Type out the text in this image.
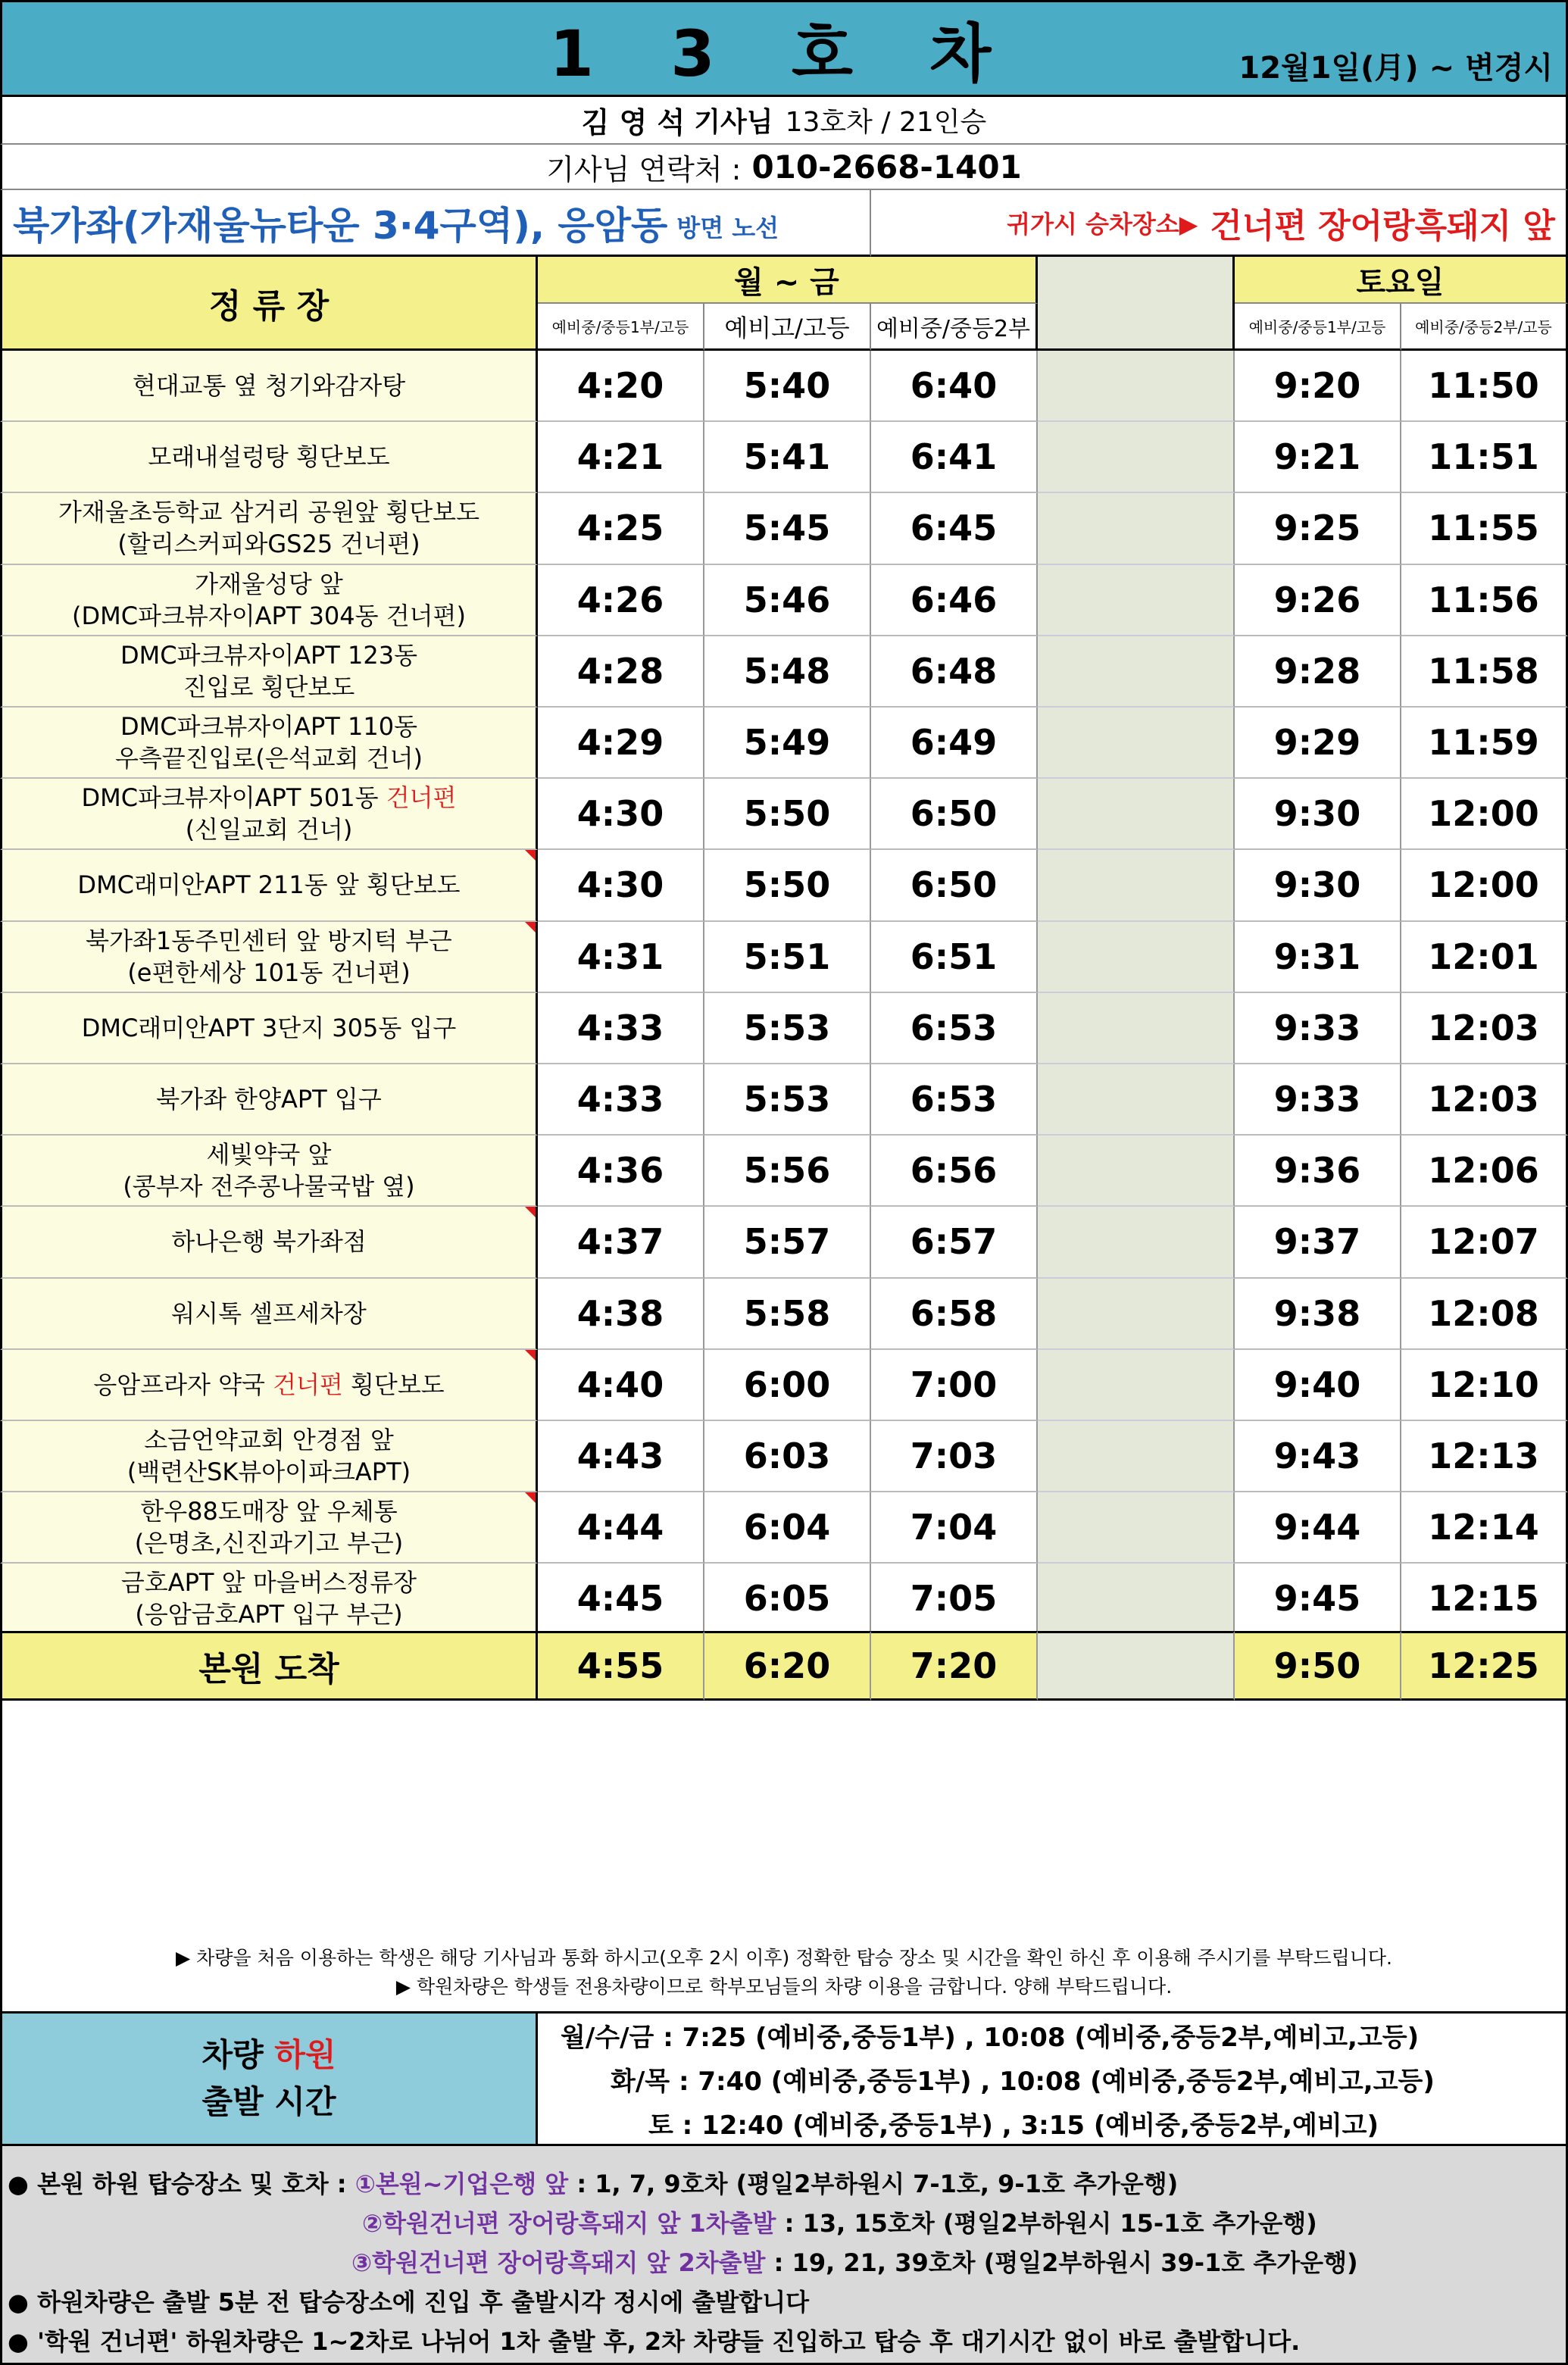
1 3 호 차	12월1일(月) ~ 변경시
김 영 석 기사님 13호차 / 21인승
기사님 연락처 : 010-2668-1401
북가좌(가재울뉴타운 3·4구역), 응암동 방면 노선	귀가시 승차장소▶ 건너편 장어랑흑돼지 앞
정 류 장
월 ~ 금
예비중/중등1부/고등	예비고/고등	예비중/중등2부
토요일
예비중/중등1부/고등	예비중/중등2부/고등
현대교통 옆 청기와감자탕	4:20	5:40	6:40	9:20	11:50
모래내설렁탕 횡단보도	4:21	5:41	6:41	9:21	11:51
가재울초등학교 삼거리 공원앞 횡단보도
(할리스커피와GS25 건너편)	4:25	5:45	6:45	9:25	11:55
가재울성당 앞
(DMC파크뷰자이APT 304동 건너편)	4:26	5:46	6:46	9:26	11:56
DMC파크뷰자이APT 123동
진입로 횡단보도	4:28	5:48	6:48	9:28	11:58
DMC파크뷰자이APT 110동
우측끝진입로(은석교회 건너)	4:29	5:49	6:49	9:29	11:59
DMC파크뷰자이APT 501동 건너편
(신일교회 건너)	4:30	5:50	6:50	9:30	12:00
DMC래미안APT 211동 앞 횡단보도	4:30	5:50	6:50	9:30	12:00
북가좌1동주민센터 앞 방지턱 부근
(e편한세상 101동 건너편)	4:31	5:51	6:51	9:31	12:01
DMC래미안APT 3단지 305동 입구	4:33	5:53	6:53	9:33	12:03
북가좌 한양APT 입구	4:33	5:53	6:53	9:33	12:03
세빛약국 앞
(콩부자 전주콩나물국밥 옆)	4:36	5:56	6:56	9:36	12:06
하나은행 북가좌점	4:37	5:57	6:57	9:37	12:07
워시톡 셀프세차장	4:38	5:58	6:58	9:38	12:08
응암프라자 약국 건너편 횡단보도	4:40	6:00	7:00	9:40	12:10
소금언약교회 안경점 앞
(백련산SK뷰아이파크APT)	4:43	6:03	7:03	9:43	12:13
한우88도매장 앞 우체통
(은명초,신진과기고 부근)	4:44	6:04	7:04	9:44	12:14
금호APT 앞 마을버스정류장
(응암금호APT 입구 부근)	4:45	6:05	7:05	9:45	12:15
본원 도착	4:55	6:20	7:20	9:50	12:25
▶ 차량을 처음 이용하는 학생은 해당 기사님과 통화 하시고(오후 2시 이후) 정확한 탑승 장소 및 시간을 확인 하신 후 이용해 주시기를 부탁드립니다.
▶ 학원차량은 학생들 전용차량이므로 학부모님들의 차량 이용을 금합니다. 양해 부탁드립니다.
차량 하원
출발 시간
월/수/금 : 7:25 (예비중,중등1부) , 10:08 (예비중,중등2부,예비고,고등)
화/목 : 7:40 (예비중,중등1부) , 10:08 (예비중,중등2부,예비고,고등)
토 : 12:40 (예비중,중등1부) , 3:15 (예비중,중등2부,예비고)
● 본원 하원 탑승장소 및 호차 : ①본원~기업은행 앞 : 1, 7, 9호차 (평일2부하원시 7-1호, 9-1호 추가운행)
②학원건너편 장어랑흑돼지 앞 1차출발 : 13, 15호차 (평일2부하원시 15-1호 추가운행)
③학원건너편 장어랑흑돼지 앞 2차출발 : 19, 21, 39호차 (평일2부하원시 39-1호 추가운행)
● 하원차량은 출발 5분 전 탑승장소에 진입 후 출발시각 정시에 출발합니다
● '학원 건너편' 하원차량은 1~2차로 나뉘어 1차 출발 후, 2차 차량들 진입하고 탑승 후 대기시간 없이 바로 출발합니다.
